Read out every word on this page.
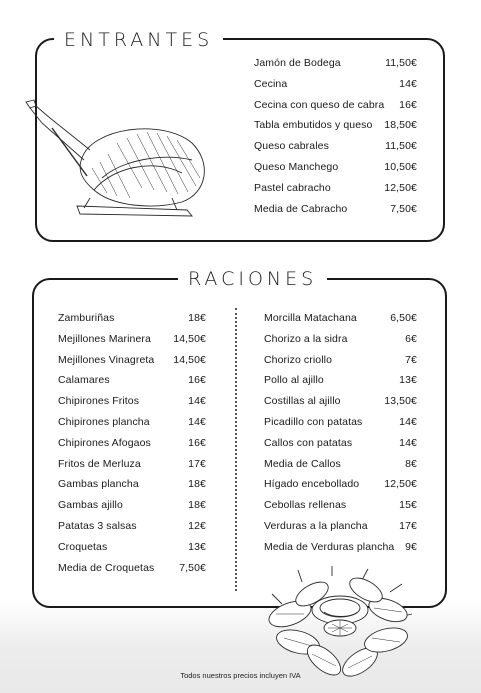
ENTRANTES
Jamón de Bodega	11,50€
Cecina	14€
Cecina con queso de cabra 16€
Tabla embutidos y queso 18,50€
Queso cabrales	11,50€
Queso Manchego	10,50€
Pastel cabracho	12,50€
Media de Cabracho	7,50€
RACIONES
Zamburiñas	18€
Mejillones Marinera 14,50€
Mejillones Vinagreta 14,50€
Calamares	16€
Chipirones Fritos	14€
Chipirones plancha	14€
Chipirones Afogaos	16€
Fritos de Merluza	17€
Gambas plancha	18€
Gambas ajillo	18€
Patatas 3 salsas	12€
Croquetas	13€
Media de Croquetas 7,50€
Morcilla Matachana	6,50€
Chorizo a la sidra	6€
Chorizo criollo	7€
Pollo al ajillo	13€
Costillas al ajillo	13,50€
Picadillo con patatas	14€
Callos con patatas	14€
Media de Callos	8€
Hígado encebollado 12,50€
Cebollas rellenas	15€
Verduras a la plancha	17€
Media de Verduras plancha 9€
Todos nuestros precios incluyen IVA
